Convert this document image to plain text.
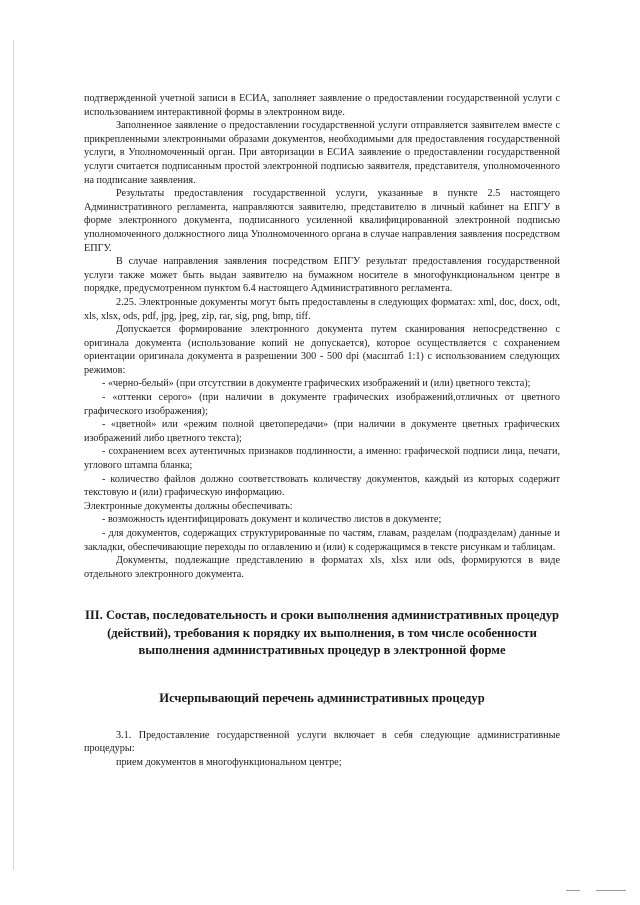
подтвержденной учетной записи в ЕСИА, заполняет заявление о предоставлении государственной услуги с использованием интерактивной формы в электронном виде.

Заполненное заявление о предоставлении государственной услуги отправляется заявителем вместе с прикрепленными электронными образами документов, необходимыми для предоставления государственной услуги, в Уполномоченный орган. При авторизации в ЕСИА заявление о предоставлении государственной услуги считается подписанным простой электронной подписью заявителя, представителя, уполномоченного на подписание заявления.

Результаты предоставления государственной услуги, указанные в пункте 2.5 настоящего Административного регламента, направляются заявителю, представителю в личный кабинет на ЕПГУ в форме электронного документа, подписанного усиленной квалифицированной электронной подписью уполномоченного должностного лица Уполномоченного органа в случае направления заявления посредством ЕПГУ.

В случае направления заявления посредством ЕПГУ результат предоставления государственной услуги также может быть выдан заявителю на бумажном носителе в многофункциональном центре в порядке, предусмотренном пунктом 6.4 настоящего Административного регламента.

2.25. Электронные документы могут быть предоставлены в следующих форматах: xml, doc, docx, odt, xls, xlsx, ods, pdf, jpg, jpeg, zip, rar, sig, png, bmp, tiff.

Допускается формирование электронного документа путем сканирования непосредственно с оригинала документа (использование копий не допускается), которое осуществляется с сохранением ориентации оригинала документа в разрешении 300 - 500 dpi (масштаб 1:1) с использованием следующих режимов:

- «черно-белый» (при отсутствии в документе графических изображений и (или) цветного текста);

- «оттенки серого» (при наличии в документе графических изображений,отличных от цветного графического изображения);

- «цветной» или «режим полной цветопередачи» (при наличии в документе цветных графических изображений либо цветного текста);

- сохранением всех аутентичных признаков подлинности, а именно: графической подписи лица, печати, углового штампа бланка;

- количество файлов должно соответствовать количеству документов, каждый из которых содержит текстовую и (или) графическую информацию.

Электронные документы должны обеспечивать:

- возможность идентифицировать документ и количество листов в документе;

- для документов, содержащих структурированные по частям, главам, разделам (подразделам) данные и закладки, обеспечивающие переходы по оглавлению и (или) к содержащимся в тексте рисункам и таблицам.

Документы, подлежащие представлению в форматах xls, xlsx или ods, формируются в виде отдельного электронного документа.

III. Состав, последовательность и сроки выполнения административных процедур (действий), требования к порядку их выполнения, в том числе особенности выполнения административных процедур в электронной форме
Исчерпывающий перечень административных процедур

3.1. Предоставление государственной услуги включает в себя следующие административные процедуры:

прием документов в многофункциональном центре;
